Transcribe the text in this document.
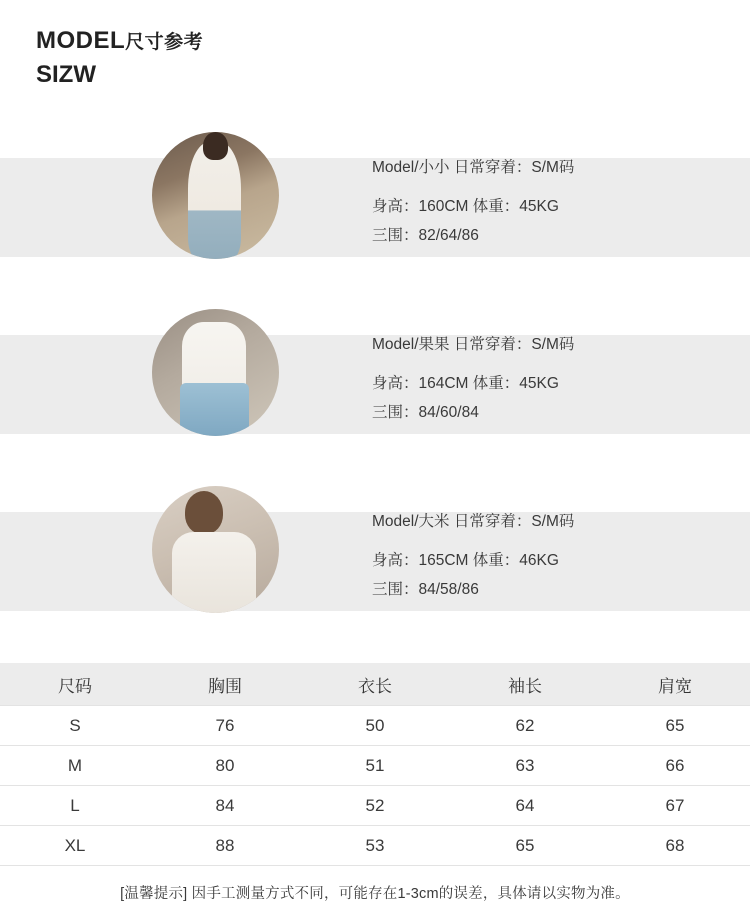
MODEL尺寸参考
SIZW
Model/小小 日常穿着：S/M码
身高：160CM 体重：45KG
三围：82/64/86
Model/果果 日常穿着：S/M码
身高：164CM 体重：45KG
三围：84/60/84
Model/大米 日常穿着：S/M码
身高：165CM 体重：46KG
三围：84/58/86
尺码	胸围	衣长	袖长	肩宽
S	76	50	62	65
M	80	51	63	66
L	84	52	64	67
XL	88	53	65	68
[温馨提示] 因手工测量方式不同，可能存在1-3cm的误差，具体请以实物为准。
